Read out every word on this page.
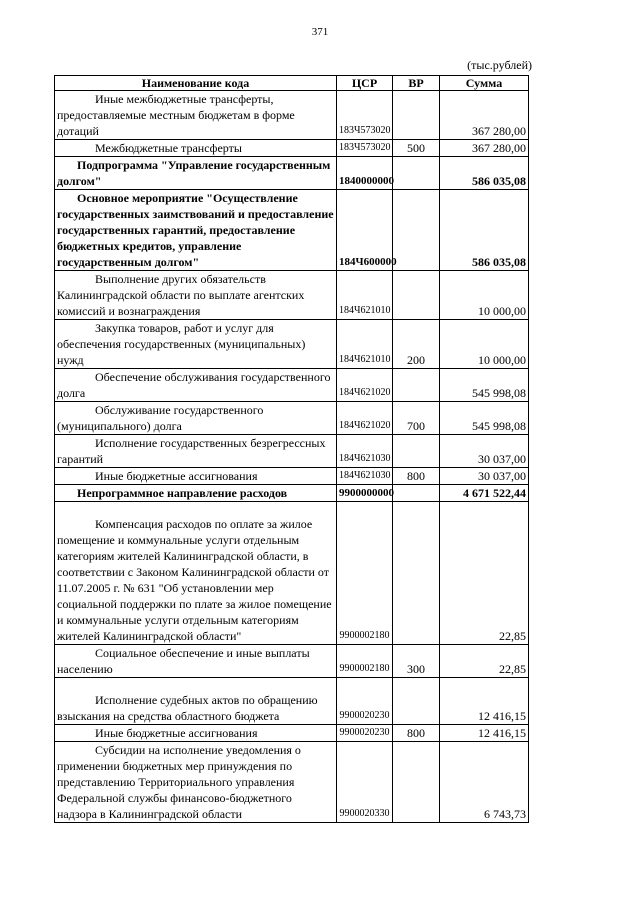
371
(тыс.рублей)
Наименование кода	ЦСР	ВР	Сумма
Иные межбюджетные трансферты, предоставляемые местным бюджетам в форме дотаций	183Ч573020		367 280,00
Межбюджетные трансферты	183Ч573020	500	367 280,00
Подпрограмма "Управление государственным долгом"	1840000000		586 035,08
Основное мероприятие "Осуществление государственных заимствований и предоставление государственных гарантий, предоставление бюджетных кредитов, управление государственным долгом"	184Ч600000		586 035,08
Выполнение других обязательств Калининградской области по выплате агентских комиссий и вознаграждения	184Ч621010		10 000,00
Закупка товаров, работ и услуг для обеспечения государственных (муниципальных) нужд	184Ч621010	200	10 000,00
Обеспечение обслуживания государственного долга	184Ч621020		545 998,08
Обслуживание государственного (муниципального) долга	184Ч621020	700	545 998,08
Исполнение государственных безрегрессных гарантий	184Ч621030		30 037,00
Иные бюджетные ассигнования	184Ч621030	800	30 037,00
Непрограммное направление расходов	9900000000		4 671 522,44
Компенсация расходов по оплате за жилое помещение и коммунальные услуги отдельным категориям жителей Калининградской области, в соответствии с Законом Калининградской области от 11.07.2005 г. № 631 "Об установлении мер социальной поддержки по плате за жилое помещение и коммунальные услуги отдельным категориям жителей Калининградской области"	9900002180		22,85
Социальное обеспечение и иные выплаты населению	9900002180	300	22,85
Исполнение судебных актов по обращению взыскания на средства областного бюджета	9900020230		12 416,15
Иные бюджетные ассигнования	9900020230	800	12 416,15
Субсидии на исполнение уведомления о применении бюджетных мер принуждения по представлению Территориального управления Федеральной службы финансово-бюджетного надзора в Калининградской области	9900020330		6 743,73
